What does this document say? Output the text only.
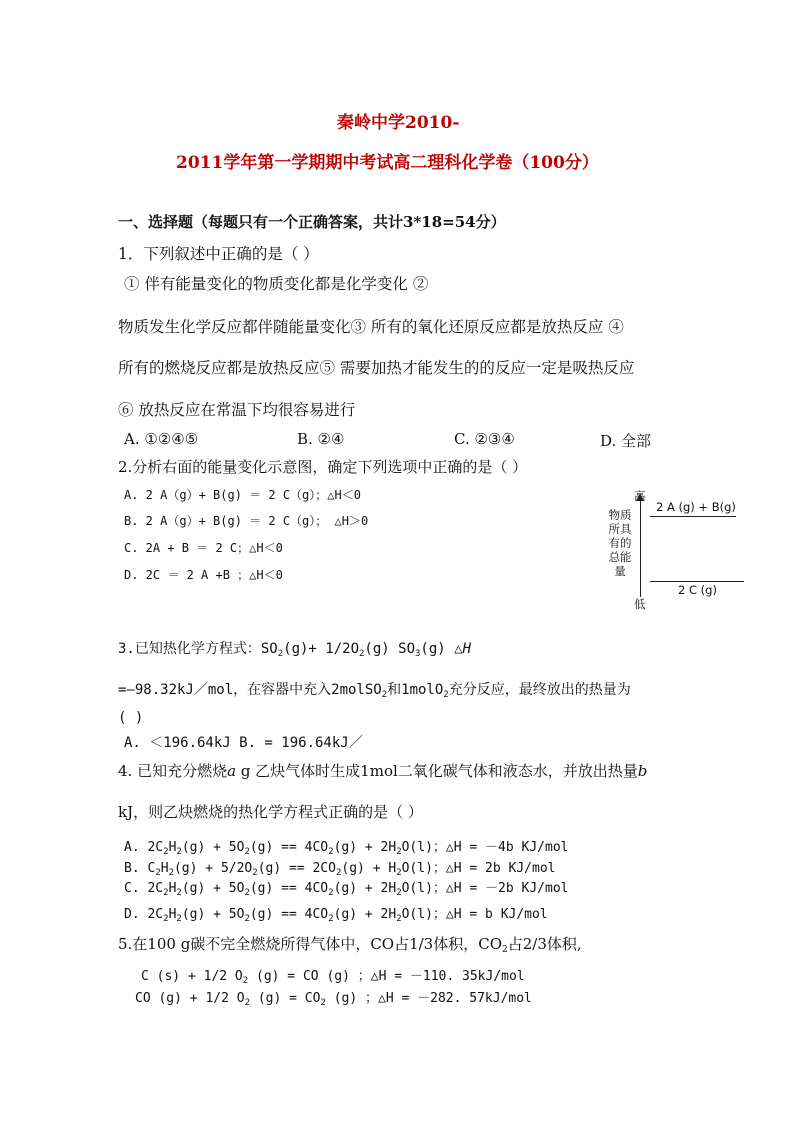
秦岭中学2010-
2011学年第一学期期中考试高二理科化学卷（100分）
一、选择题（每题只有一个正确答案，共计3*18=54分）
1．下列叙述中正确的是（ ）
① 伴有能量变化的物质变化都是化学变化 ②
物质发生化学反应都伴随能量变化③ 所有的氧化还原反应都是放热反应 ④
所有的燃烧反应都是放热反应⑤ 需要加热才能发生的的反应一定是吸热反应
⑥ 放热反应在常温下均很容易进行
A. ①②④⑤	B. ②④	C. ②③④	D. 全部
2.分析右面的能量变化示意图，确定下列选项中正确的是（ ）
A. 2 A（g）+ B(g) ＝ 2 C（g）；△H＜0
B. 2 A（g）+ B(g) ＝ 2 C（g）； △H＞0
C. 2A + B ＝ 2 C；△H＜0
D. 2C ＝ 2 A +B ；△H＜0
高
低
物质所具有的总能量
2 A (g) + B(g)
2 C (g)
3.已知热化学方程式：$SO_2(g)+ 1/2O_2(g)$ $SO_3(g)$ △H
=—98.32kJ／mol，在容器中充入2molSO$_2$和1molO$_2$充分反应，最终放出的热量为
( )
A. ＜196.64kJ B. = 196.64kJ／
4. 已知充分燃烧a g 乙炔气体时生成1mol二氧化碳气体和液态水，并放出热量b
kJ，则乙炔燃烧的热化学方程式正确的是（ ）
A. $2C_2H_2(g) + 5O_2(g) == 4CO_2(g) + 2H_2O(l)$；△H = －4b KJ/mol
B. $C_2H_2(g) + 5/2O_2(g) == 2CO_2(g) + H_2O(l)$；△H = 2b KJ/mol
C. $2C_2H_2(g) + 5O_2(g) == 4CO_2(g) + 2H_2O(l)$；△H = －2b KJ/mol
D. $2C_2H_2(g) + 5O_2(g) == 4CO_2(g) + 2H_2O(l)$；△H = b KJ/mol
5.在100 g碳不完全燃烧所得气体中，CO占1/3体积，$CO_2$占2/3体积,
C (s) + 1/2 $O_2$ (g) = CO (g) ；△H = －110. 35kJ/mol
CO (g) + 1/2 $O_2$ $(g) = CO_2$ (g) ；△H = －282. 57kJ/mol
